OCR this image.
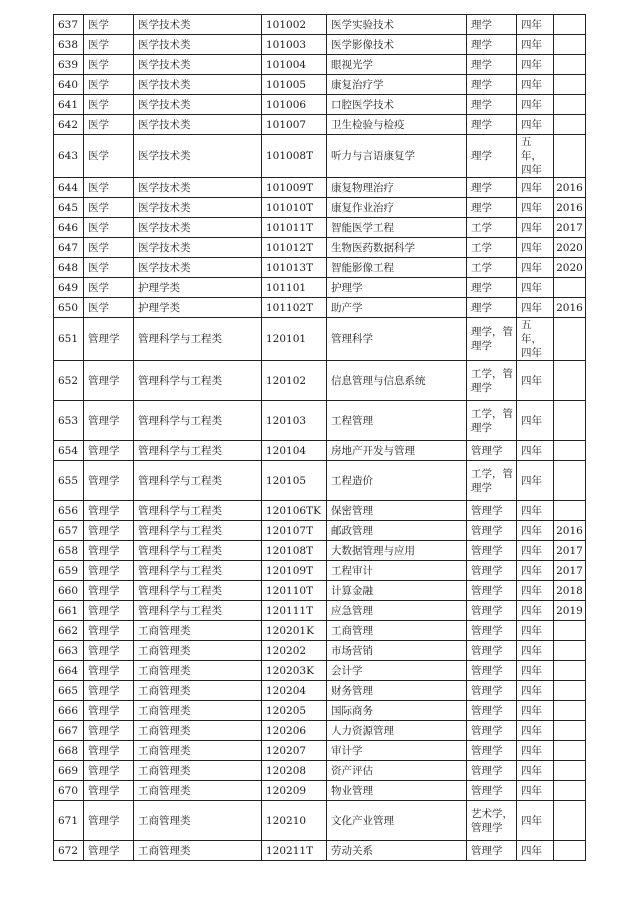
637	医学	医学技术类	101002	医学实验技术	理学	四年	
638	医学	医学技术类	101003	医学影像技术	理学	四年	
639	医学	医学技术类	101004	眼视光学	理学	四年	
640	医学	医学技术类	101005	康复治疗学	理学	四年	
641	医学	医学技术类	101006	口腔医学技术	理学	四年	
642	医学	医学技术类	101007	卫生检验与检疫	理学	四年	
643	医学	医学技术类	101008T	听力与言语康复学	理学	五年，四年	
644	医学	医学技术类	101009T	康复物理治疗	理学	四年	2016
645	医学	医学技术类	101010T	康复作业治疗	理学	四年	2016
646	医学	医学技术类	101011T	智能医学工程	工学	四年	2017
647	医学	医学技术类	101012T	生物医药数据科学	工学	四年	2020
648	医学	医学技术类	101013T	智能影像工程	工学	四年	2020
649	医学	护理学类	101101	护理学	理学	四年	
650	医学	护理学类	101102T	助产学	理学	四年	2016
651	管理学	管理科学与工程类	120101	管理科学	理学，管理学	五年，四年	
652	管理学	管理科学与工程类	120102	信息管理与信息系统	工学，管理学	四年	
653	管理学	管理科学与工程类	120103	工程管理	工学，管理学	四年	
654	管理学	管理科学与工程类	120104	房地产开发与管理	管理学	四年	
655	管理学	管理科学与工程类	120105	工程造价	工学，管理学	四年	
656	管理学	管理科学与工程类	120106TK	保密管理	管理学	四年	
657	管理学	管理科学与工程类	120107T	邮政管理	管理学	四年	2016
658	管理学	管理科学与工程类	120108T	大数据管理与应用	管理学	四年	2017
659	管理学	管理科学与工程类	120109T	工程审计	管理学	四年	2017
660	管理学	管理科学与工程类	120110T	计算金融	管理学	四年	2018
661	管理学	管理科学与工程类	120111T	应急管理	管理学	四年	2019
662	管理学	工商管理类	120201K	工商管理	管理学	四年	
663	管理学	工商管理类	120202	市场营销	管理学	四年	
664	管理学	工商管理类	120203K	会计学	管理学	四年	
665	管理学	工商管理类	120204	财务管理	管理学	四年	
666	管理学	工商管理类	120205	国际商务	管理学	四年	
667	管理学	工商管理类	120206	人力资源管理	管理学	四年	
668	管理学	工商管理类	120207	审计学	管理学	四年	
669	管理学	工商管理类	120208	资产评估	管理学	四年	
670	管理学	工商管理类	120209	物业管理	管理学	四年	
671	管理学	工商管理类	120210	文化产业管理	艺术学，管理学	四年	
672	管理学	工商管理类	120211T	劳动关系	管理学	四年	
